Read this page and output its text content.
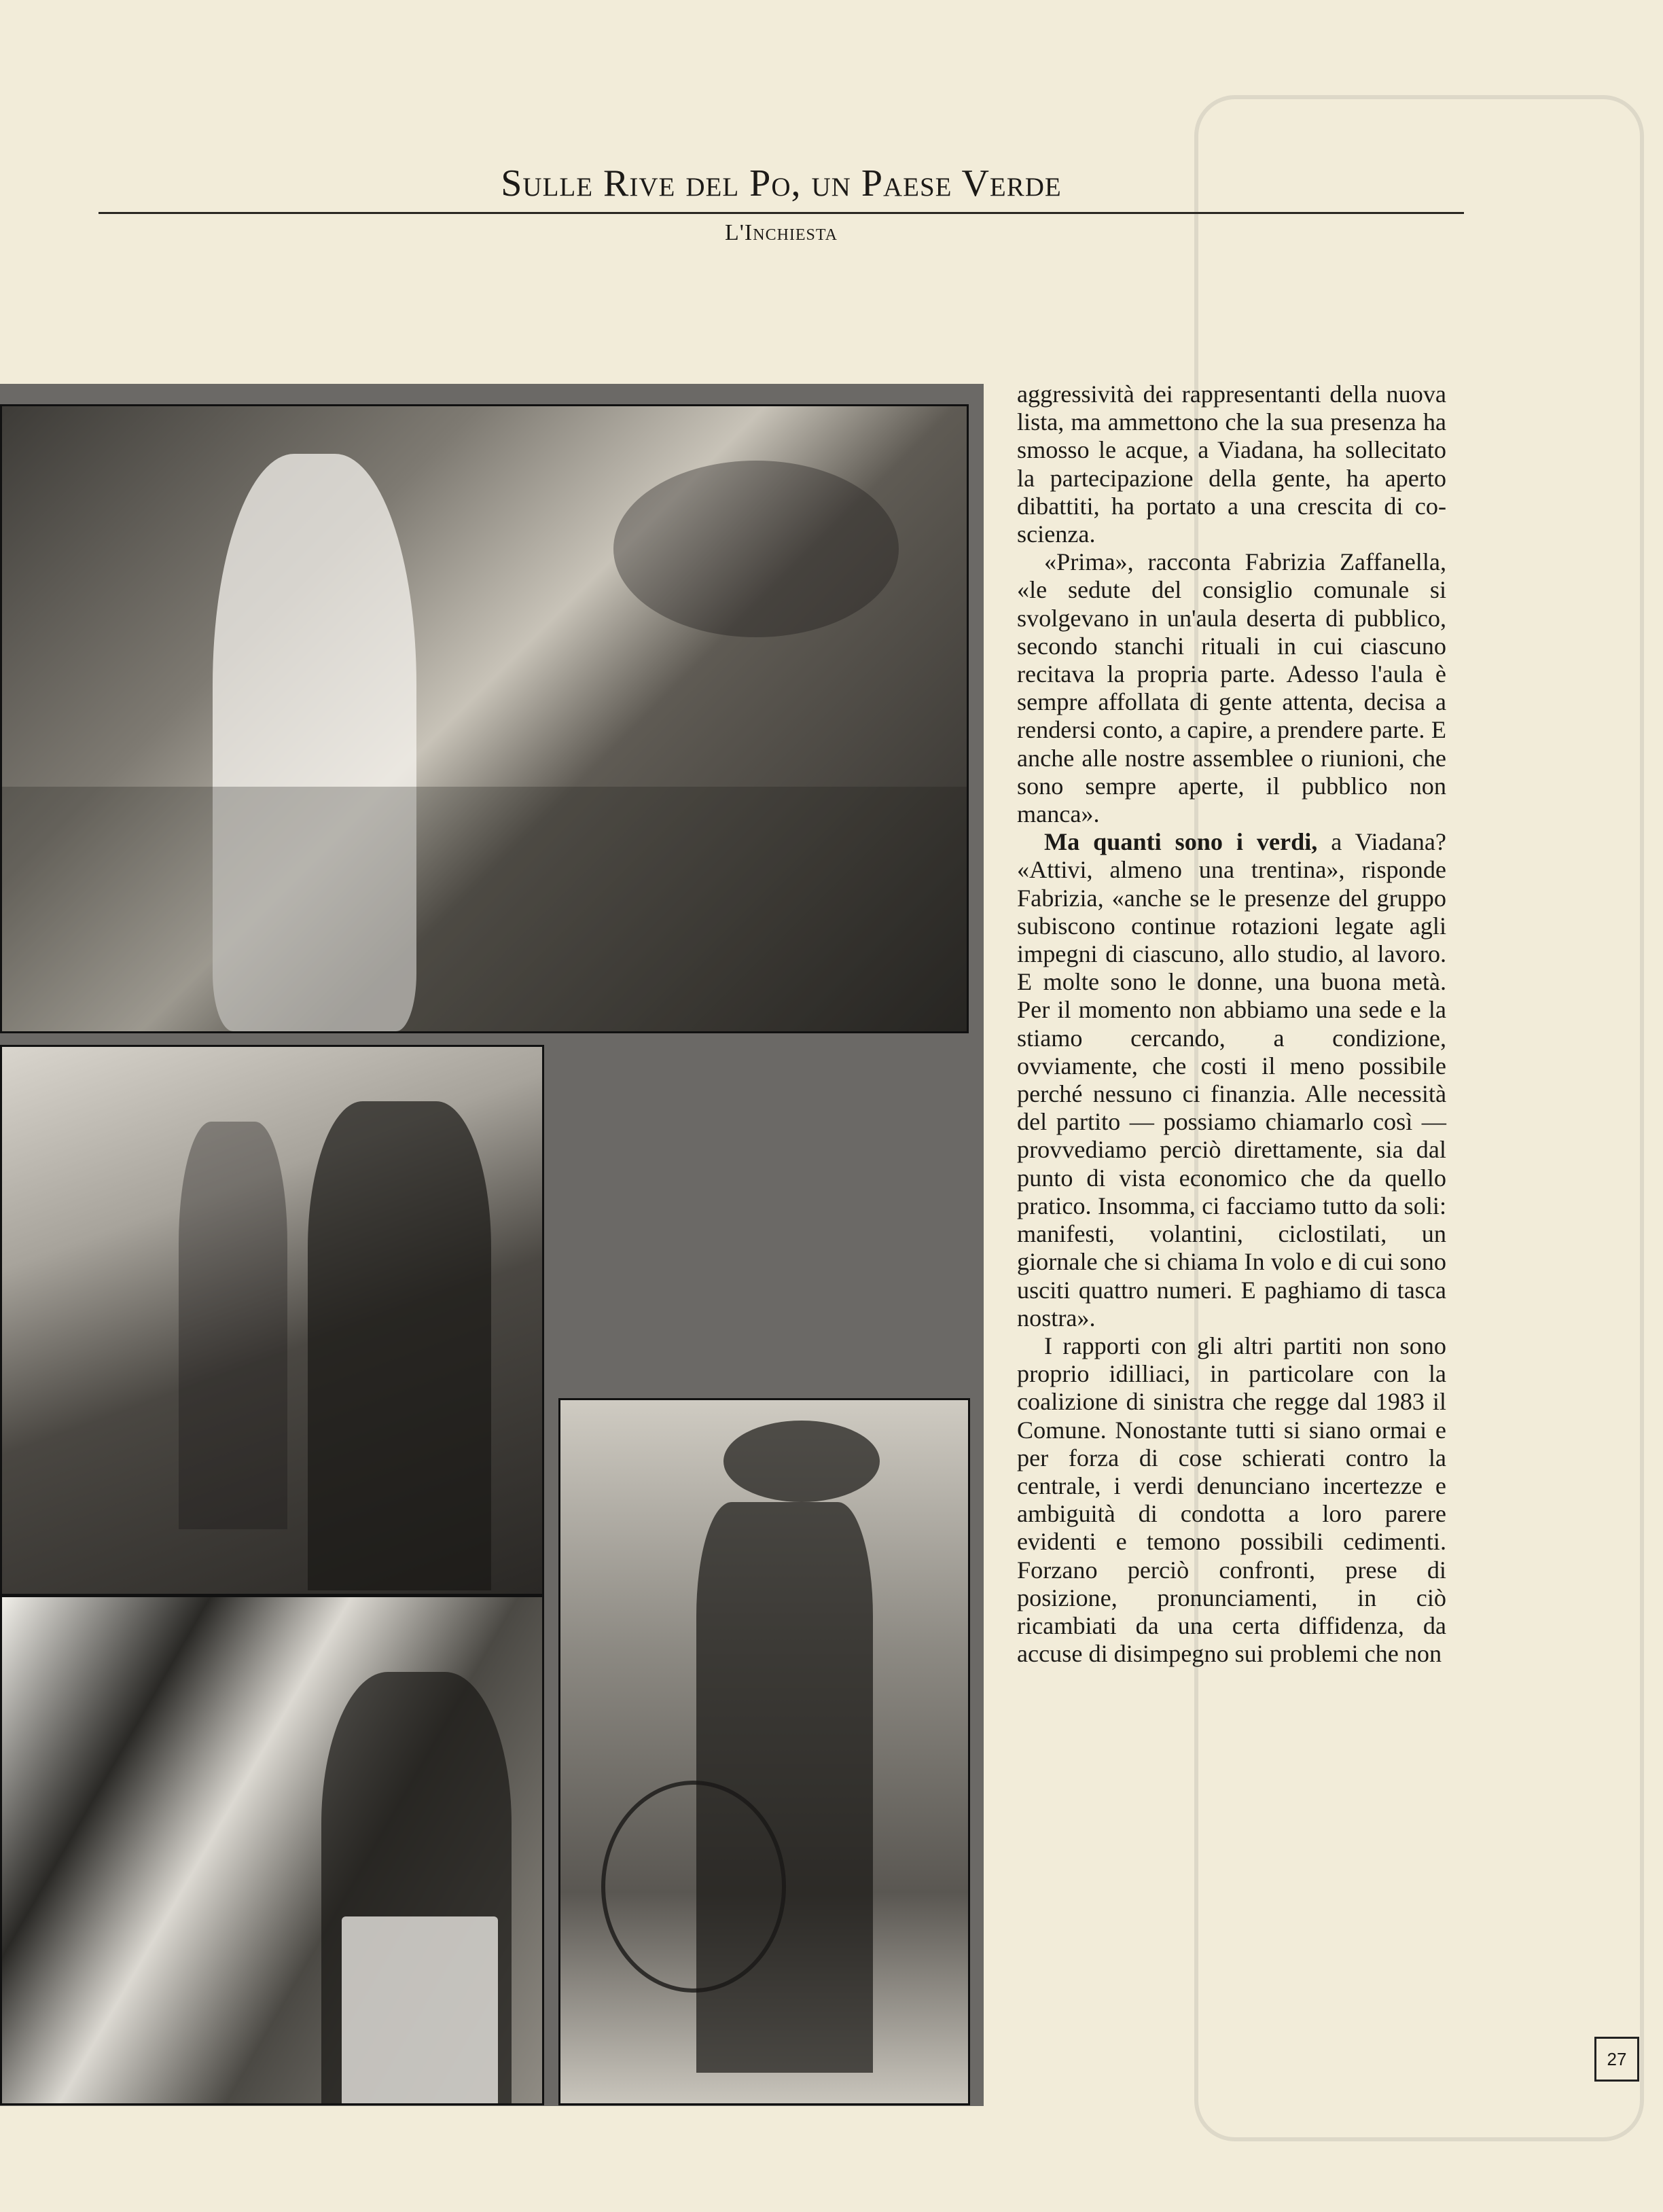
Sulle Rive del Po, un Paese Verde
L'Inchiesta

aggressività dei rappresentanti della nuova lista, ma ammettono che la sua presenza ha smosso le acque, a Viadana, ha sollecitato la partecipazione della gente, ha aperto dibattiti, ha portato a una crescita di coscienza.

«Prima», racconta Fabrizia Zaffanella, «le sedute del consiglio comunale si svolgevano in un'aula deserta di pubblico, secondo stanchi rituali in cui ciascuno recitava la propria parte. Adesso l'aula è sempre affollata di gente attenta, decisa a rendersi conto, a capire, a prendere parte. E anche alle nostre assemblee o riunioni, che sono sempre aperte, il pubblico non manca».

Ma quanti sono i verdi, a Viadana? «Attivi, almeno una trentina», risponde Fabrizia, «anche se le presenze del gruppo subiscono continue rotazioni legate agli impegni di ciascuno, allo studio, al lavoro. E molte sono le donne, una buona metà. Per il momento non abbiamo una sede e la stiamo cercando, a condizione, ovviamente, che costi il meno possibile perché nessuno ci finanzia. Alle necessità del partito — possiamo chiamarlo così — provvediamo perciò direttamente, sia dal punto di vista economico che da quello pratico. Insomma, ci facciamo tutto da soli: manifesti, volantini, ciclostilati, un giornale che si chiama In volo e di cui sono usciti quattro numeri. E paghiamo di tasca nostra».

I rapporti con gli altri partiti non sono proprio idilliaci, in particolare con la coalizione di sinistra che regge dal 1983 il Comune. Nonostante tutti si siano ormai e per forza di cose schierati contro la centrale, i verdi denunciano incertezze e ambiguità di condotta a loro parere evidenti e temono possibili cedimenti. Forzano perciò confronti, prese di posizione, pronunciamenti, in ciò ricambiati da una certa diffidenza, da accuse di disimpegno sui problemi che non

27
